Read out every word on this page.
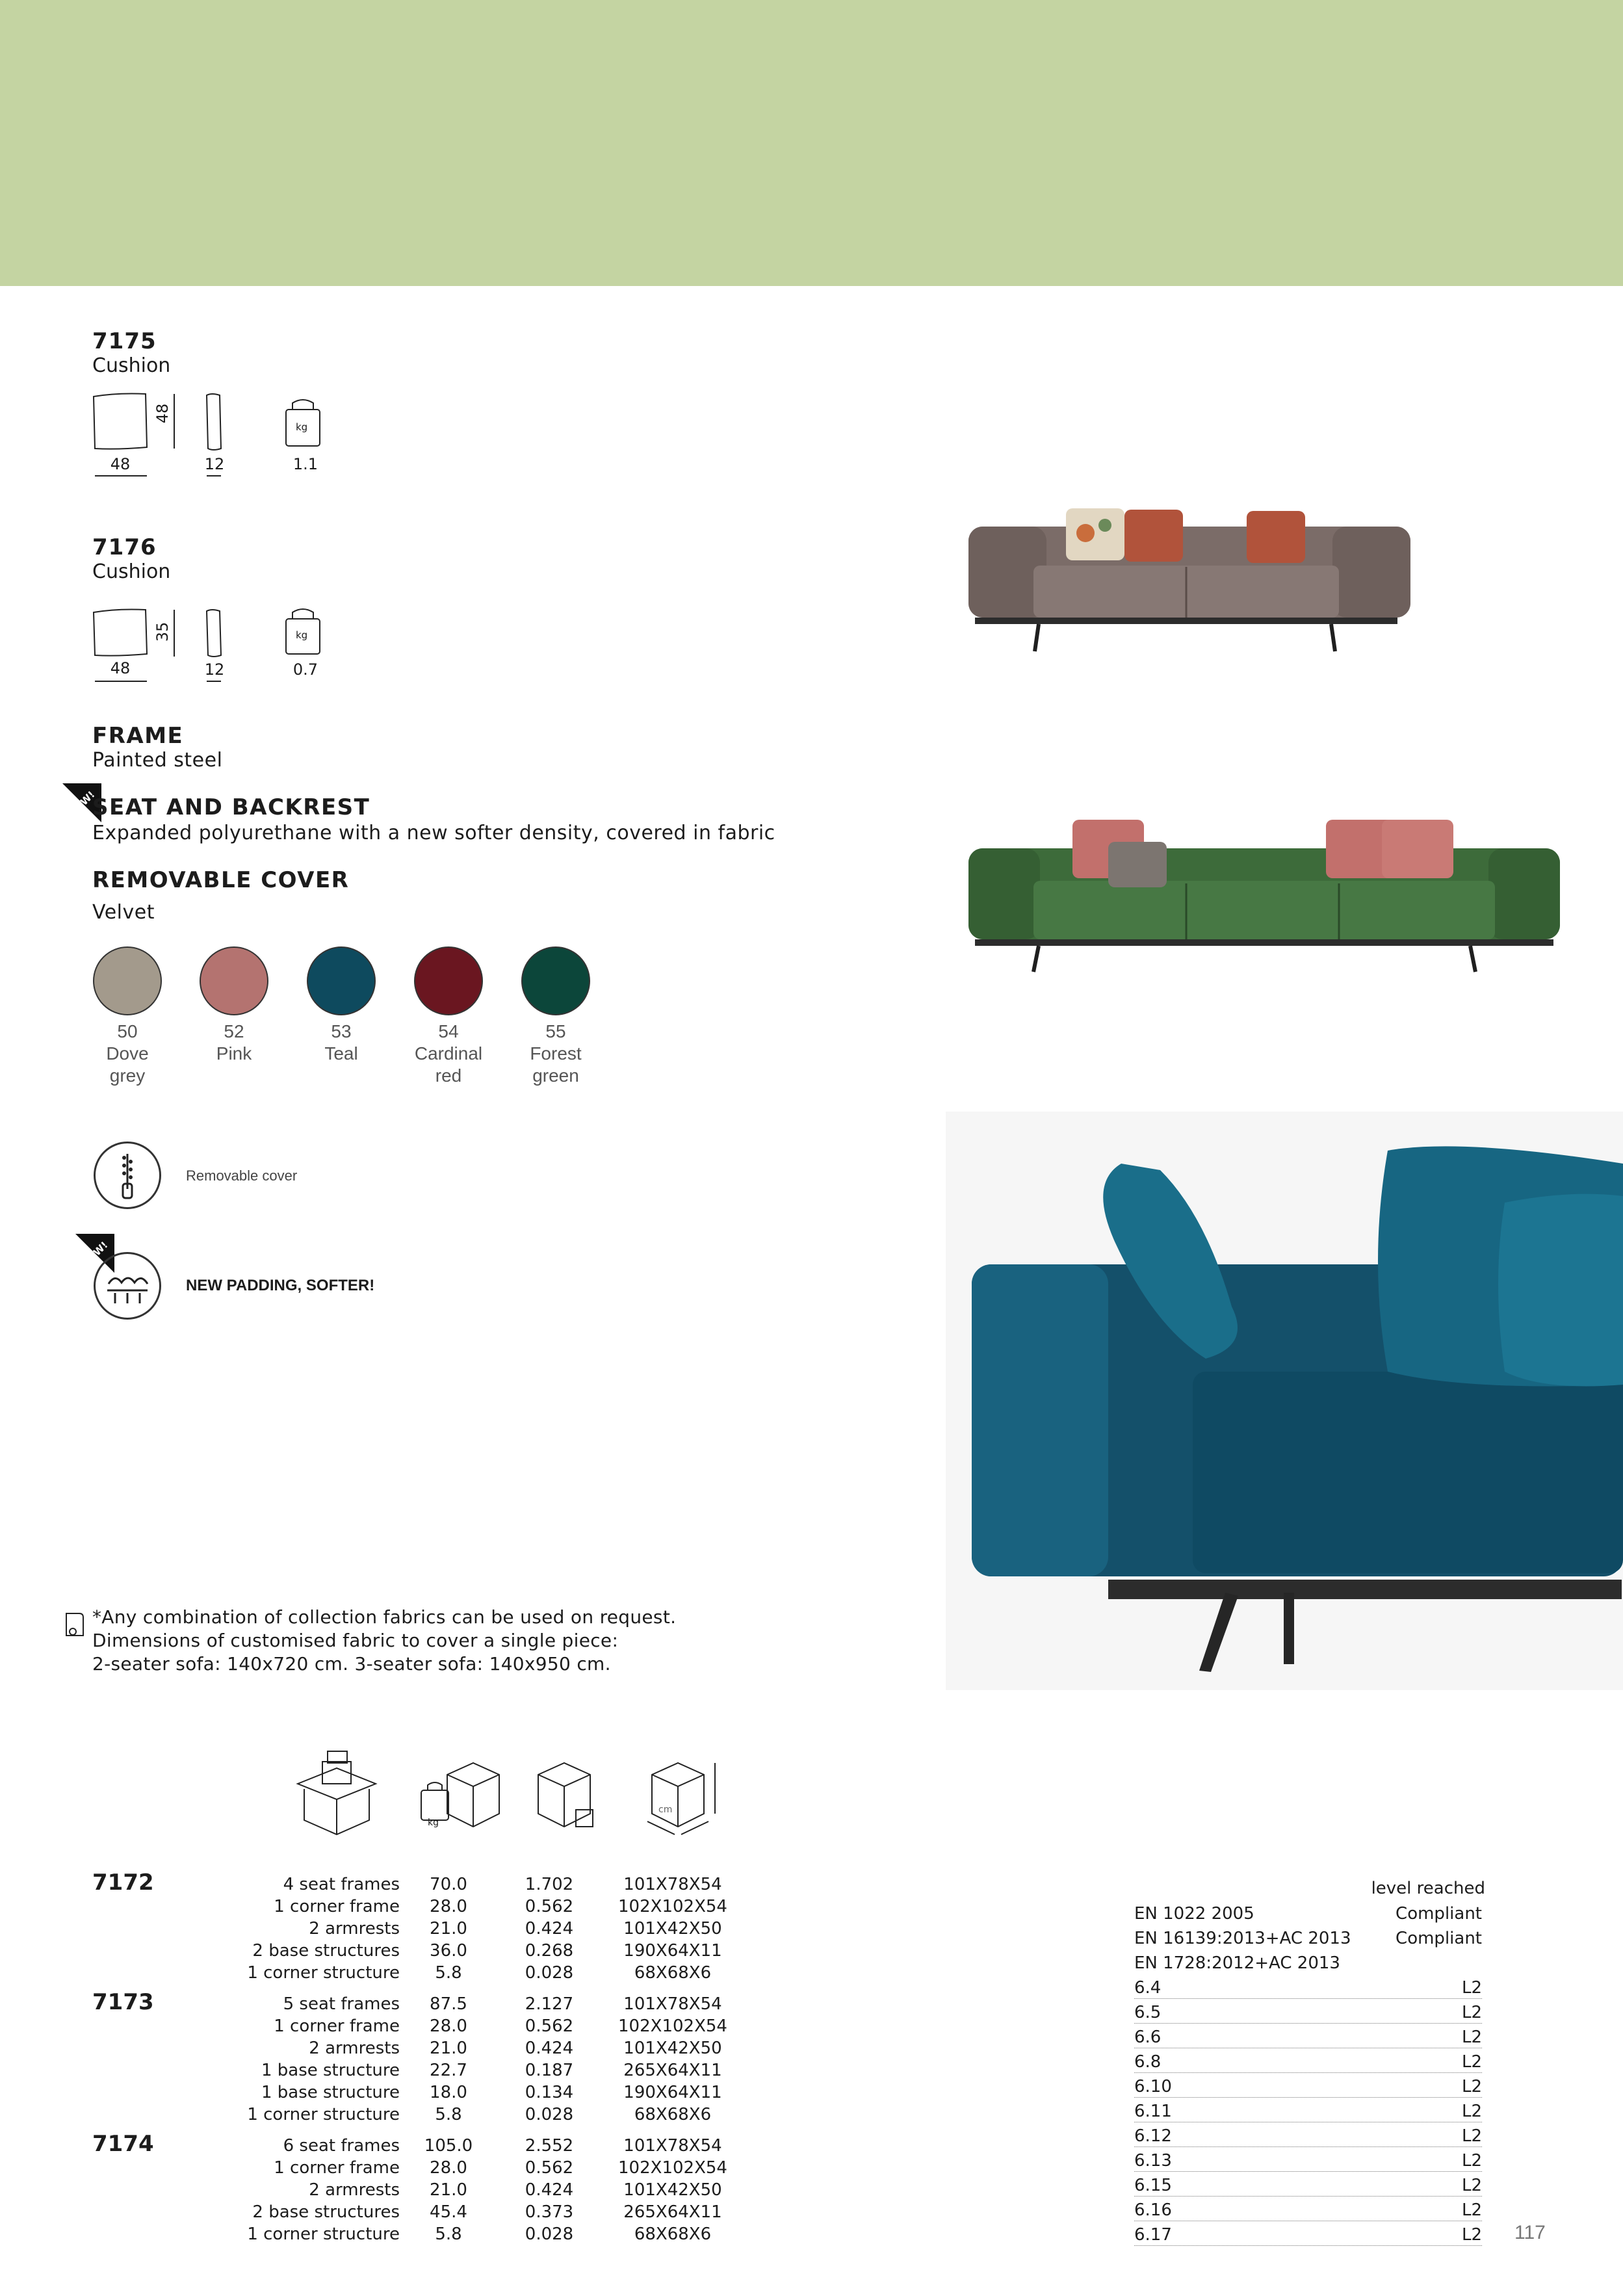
7175
Cushion
48
kg
48	12	1.1
7176
Cushion
35	kg
48	12	0.7
FRAME
Painted steel
NEW!
SEAT AND BACKREST
Expanded polyurethane with a new softer density, covered in fabric
REMOVABLE COVER
Velvet
50
Dove
grey
52
Pink
53
Teal
54
Cardinal
red
55
Forest
green
Removable cover
NEW!
NEW PADDING, SOFTER!
*Any combination of collection fabrics can be used on request.
Dimensions of customised fabric to cover a single piece:
2-seater sofa: 140x720 cm. 3-seater sofa: 140x950 cm.
kg
cm
7172	4 seat frames	70.0	1.702	101X78X54
1 corner frame	28.0	0.562	102X102X54
2 armrests	21.0	0.424	101X42X50
2 base structures	36.0	0.268	190X64X11
1 corner structure	5.8	0.028	68X68X6
7173	5 seat frames	87.5	2.127	101X78X54
1 corner frame	28.0	0.562	102X102X54
2 armrests	21.0	0.424	101X42X50
1 base structure	22.7	0.187	265X64X11
1 base structure	18.0	0.134	190X64X11
1 corner structure	5.8	0.028	68X68X6
7174	6 seat frames 105.0	2.552	101X78X54
1 corner frame	28.0	0.562	102X102X54
2 armrests	21.0	0.424	101X42X50
2 base structures	45.4	0.373	265X64X11
1 corner structure	5.8	0.028	68X68X6
level reached
EN 1022 2005	Compliant
EN 16139:2013+AC 2013	Compliant
EN 1728:2012+AC 2013
6.4	L2
6.5	L2
6.6	L2
6.8	L2
6.10	L2
6.11	L2
6.12	L2
6.13	L2
6.15	L2
6.16	L2
6.17	L2 117
